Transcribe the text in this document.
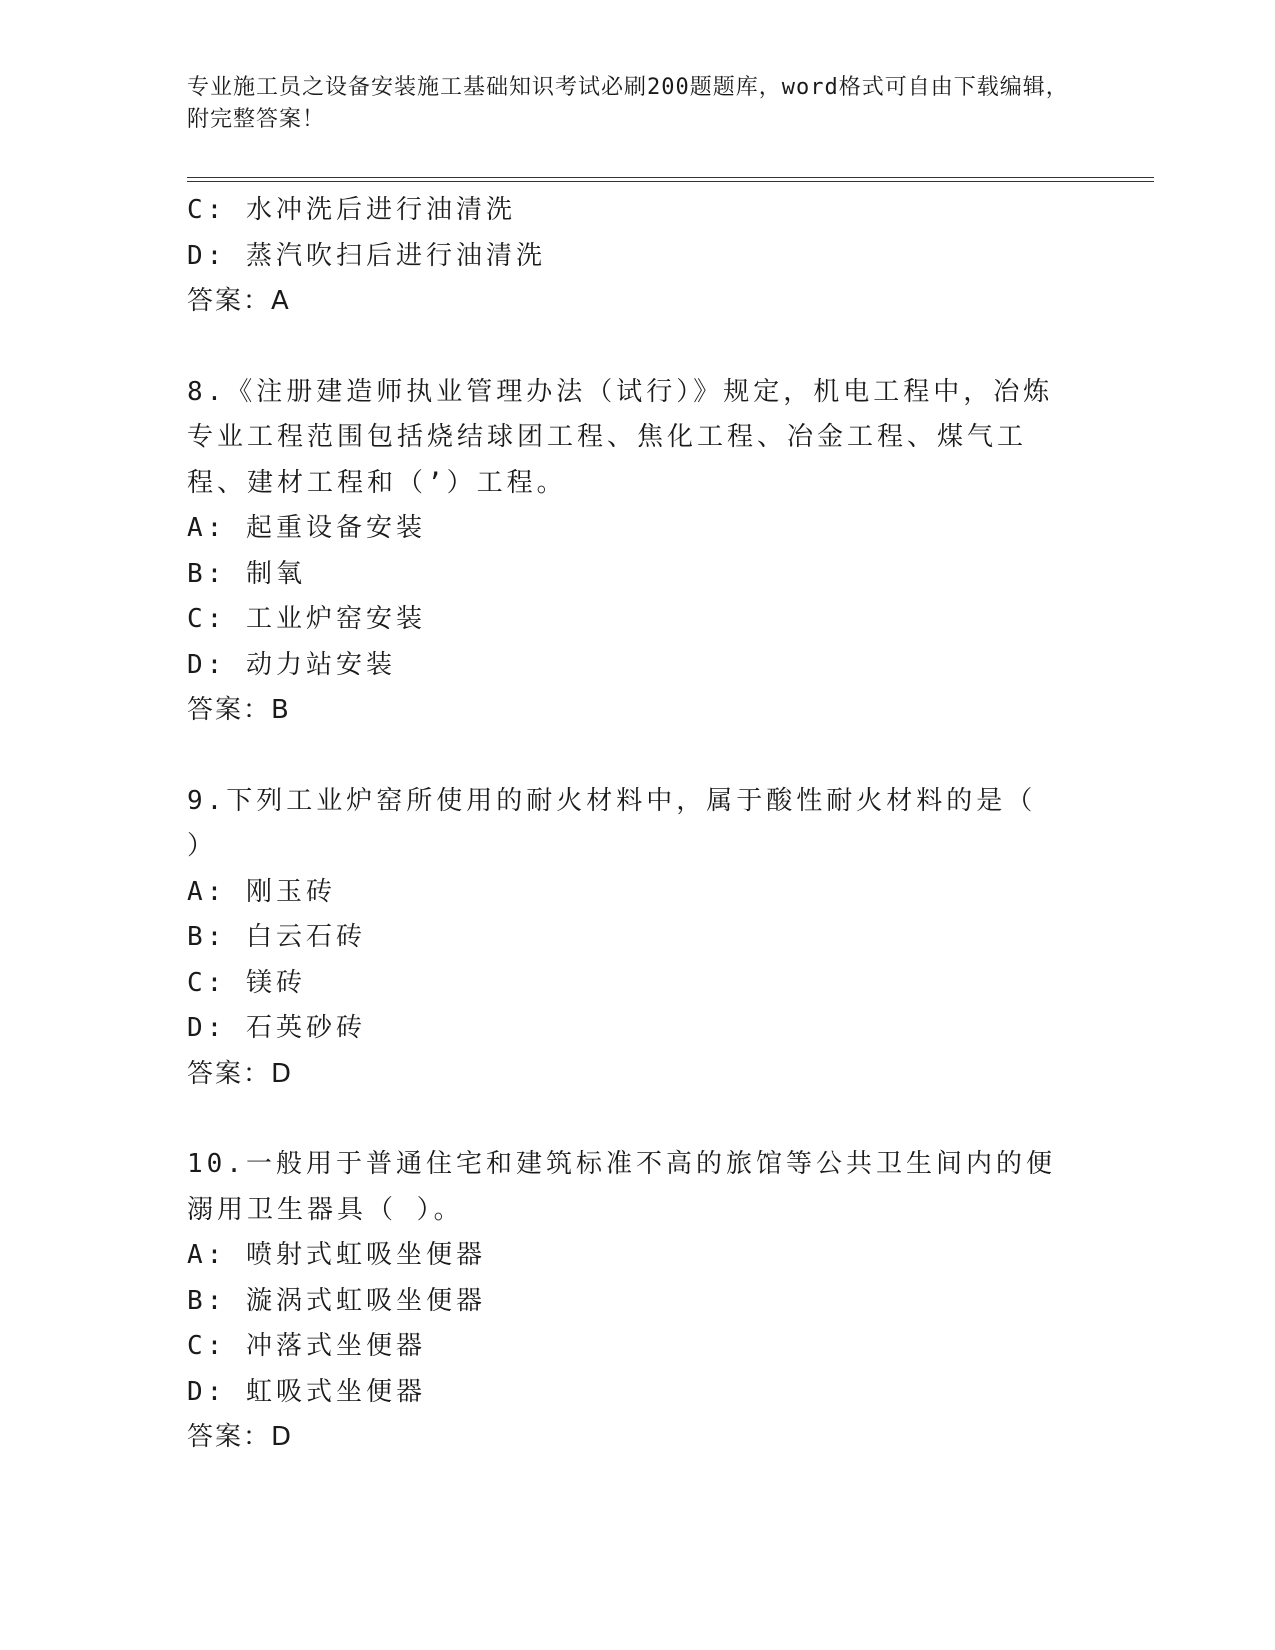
专业施工员之设备安装施工基础知识考试必刷200题题库，word格式可自由下载编辑，附完整答案！
C: 水冲洗后进行油清洗
D: 蒸汽吹扫后进行油清洗
答案：A
8.《注册建造师执业管理办法（试行）》规定，机电工程中，冶炼专业工程范围包括烧结球团工程、焦化工程、冶金工程、煤气工程、建材工程和（’）工程。
A: 起重设备安装
B: 制氧
C: 工业炉窑安装
D: 动力站安装
答案：B
9.下列工业炉窑所使用的耐火材料中，属于酸性耐火材料的是（ ）
A: 刚玉砖
B: 白云石砖
C: 镁砖
D: 石英砂砖
答案：D
10.一般用于普通住宅和建筑标准不高的旅馆等公共卫生间内的便溺用卫生器具（ ）。
A: 喷射式虹吸坐便器
B: 漩涡式虹吸坐便器
C: 冲落式坐便器
D: 虹吸式坐便器
答案：D
